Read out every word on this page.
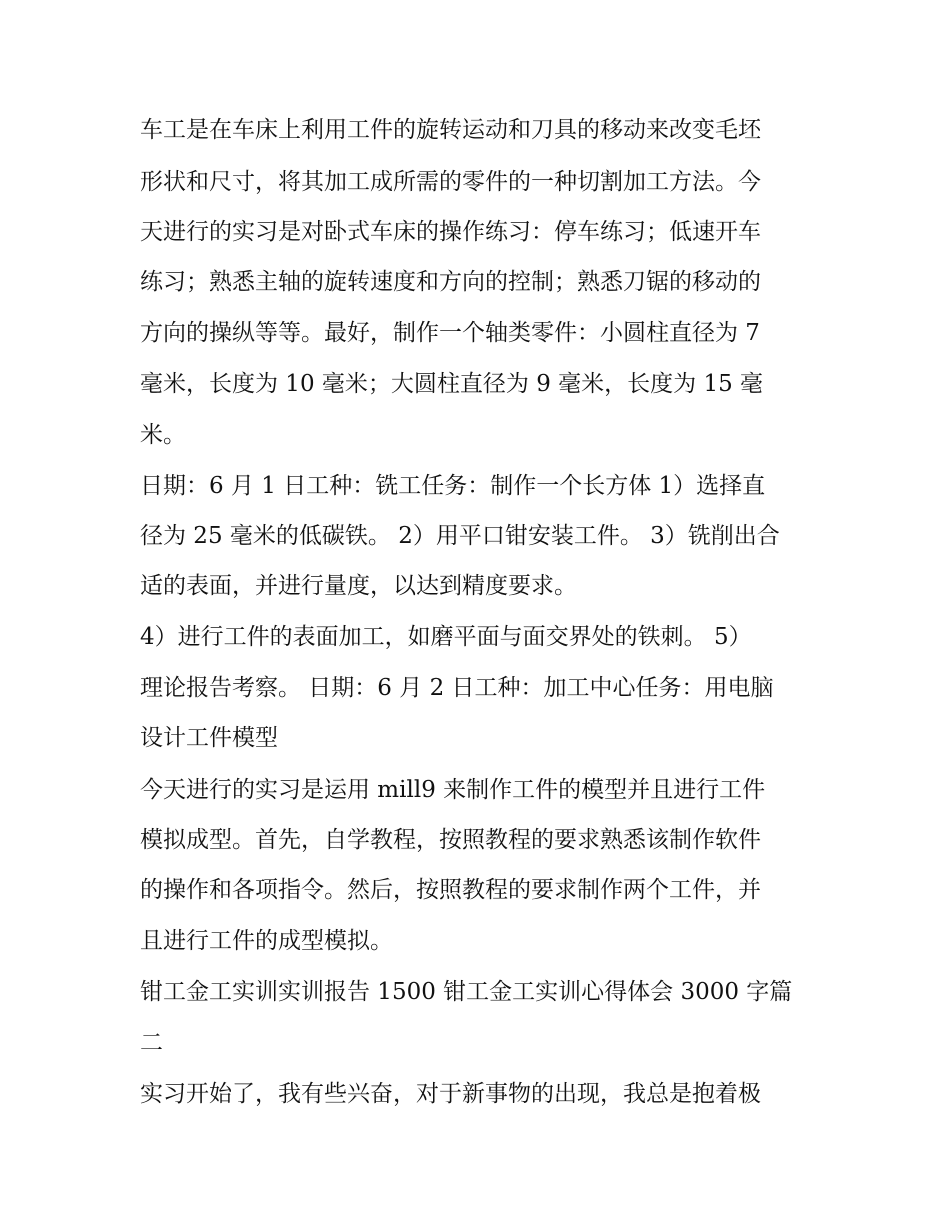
车工是在车床上利用工件的旋转运动和刀具的移动来改变毛坯
形状和尺寸，将其加工成所需的零件的一种切割加工方法。今
天进行的实习是对卧式车床的操作练习：停车练习；低速开车
练习；熟悉主轴的旋转速度和方向的控制；熟悉刀锯的移动的
方向的操纵等等。最好，制作一个轴类零件：小圆柱直径为 7
毫米，长度为 10 毫米；大圆柱直径为 9 毫米，长度为 15 毫
米。
日期：6 月 1 日工种：铣工任务：制作一个长方体 1）选择直
径为 25 毫米的低碳铁。 2）用平口钳安装工件。 3）铣削出合
适的表面，并进行量度，以达到精度要求。
4）进行工件的表面加工，如磨平面与面交界处的铁刺。 5）
理论报告考察。 日期：6 月 2 日工种：加工中心任务：用电脑
设计工件模型
今天进行的实习是运用 mill9 来制作工件的模型并且进行工件
模拟成型。首先，自学教程，按照教程的要求熟悉该制作软件
的操作和各项指令。然后，按照教程的要求制作两个工件，并
且进行工件的成型模拟。
钳工金工实训实训报告 1500 钳工金工实训心得体会 3000 字篇
二
实习开始了，我有些兴奋，对于新事物的出现，我总是抱着极
